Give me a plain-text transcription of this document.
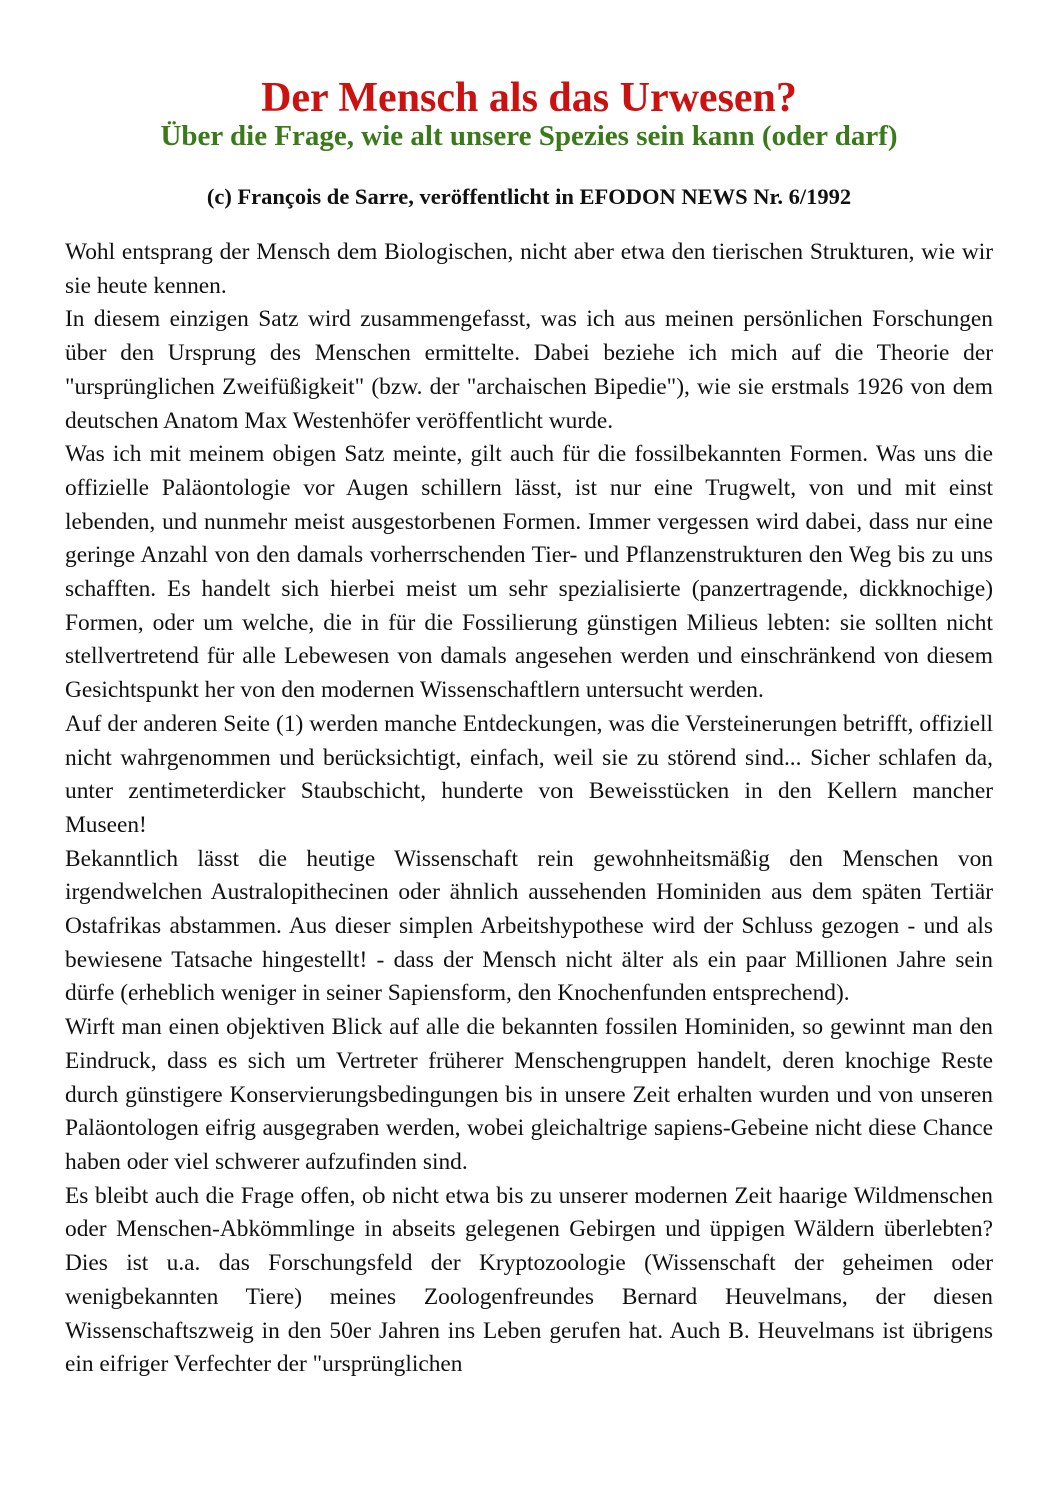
Der Mensch als das Urwesen?
Über die Frage, wie alt unsere Spezies sein kann (oder darf)
(c) François de Sarre, veröffentlicht in EFODON NEWS Nr. 6/1992

Wohl entsprang der Mensch dem Biologischen, nicht aber etwa den tierischen Strukturen, wie wir sie heute kennen.

In diesem einzigen Satz wird zusammengefasst, was ich aus meinen persönlichen Forschungen über den Ursprung des Menschen ermittelte. Dabei beziehe ich mich auf die Theorie der "ursprünglichen Zweifüßigkeit" (bzw. der "archaischen Bipedie"), wie sie erstmals 1926 von dem deutschen Anatom Max Westenhöfer veröffentlicht wurde.

Was ich mit meinem obigen Satz meinte, gilt auch für die fossilbekannten Formen. Was uns die offizielle Paläontologie vor Augen schillern lässt, ist nur eine Trugwelt, von und mit einst lebenden, und nunmehr meist ausgestorbenen Formen. Immer vergessen wird dabei, dass nur eine geringe Anzahl von den damals vorherrschenden Tier- und Pflanzenstrukturen den Weg bis zu uns schafften. Es handelt sich hierbei meist um sehr spezialisierte (panzertragende, dickknochige) Formen, oder um welche, die in für die Fossilierung günstigen Milieus lebten: sie sollten nicht stellvertretend für alle Lebewesen von damals angesehen werden und einschränkend von diesem Gesichtspunkt her von den modernen Wissenschaftlern untersucht werden.

Auf der anderen Seite (1) werden manche Entdeckungen, was die Versteinerungen betrifft, offiziell nicht wahrgenommen und berücksichtigt, einfach, weil sie zu störend sind... Sicher schlafen da, unter zentimeterdicker Staubschicht, hunderte von Beweisstücken in den Kellern mancher Museen!

Bekanntlich lässt die heutige Wissenschaft rein gewohnheitsmäßig den Menschen von irgendwelchen Australopithecinen oder ähnlich aussehenden Hominiden aus dem späten Tertiär Ostafrikas abstammen. Aus dieser simplen Arbeitshypothese wird der Schluss gezogen - und als bewiesene Tatsache hingestellt! - dass der Mensch nicht älter als ein paar Millionen Jahre sein dürfe (erheblich weniger in seiner Sapiensform, den Knochenfunden entsprechend).

Wirft man einen objektiven Blick auf alle die bekannten fossilen Hominiden, so gewinnt man den Eindruck, dass es sich um Vertreter früherer Menschengruppen handelt, deren knochige Reste durch günstigere Konservierungsbedingungen bis in unsere Zeit erhalten wurden und von unseren Paläontologen eifrig ausgegraben werden, wobei gleichaltrige sapiens-Gebeine nicht diese Chance haben oder viel schwerer aufzufinden sind.

Es bleibt auch die Frage offen, ob nicht etwa bis zu unserer modernen Zeit haarige Wildmenschen oder Menschen-Abkömmlinge in abseits gelegenen Gebirgen und üppigen Wäldern überlebten? Dies ist u.a. das Forschungsfeld der Kryptozoologie (Wissenschaft der geheimen oder wenigbekannten Tiere) meines Zoologenfreundes Bernard Heuvelmans, der diesen Wissenschaftszweig in den 50er Jahren ins Leben gerufen hat. Auch B. Heuvelmans ist übrigens ein eifriger Verfechter der "ursprünglichen
